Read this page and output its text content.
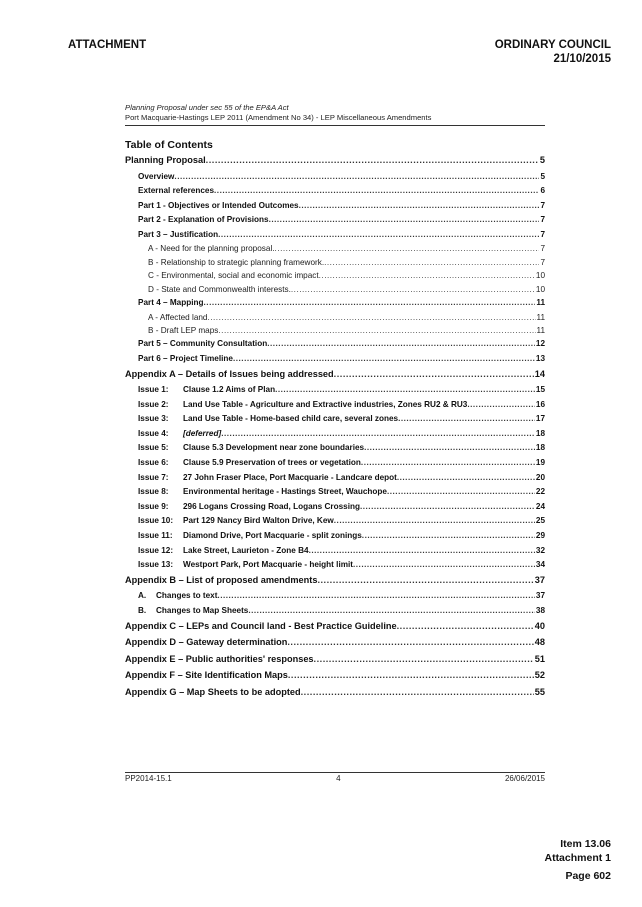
ATTACHMENT	ORDINARY COUNCIL
21/10/2015
Planning Proposal under sec 55 of the EP&A Act
Port Macquarie-Hastings LEP 2011 (Amendment No 34) - LEP Miscellaneous Amendments
Table of Contents
Planning Proposal .....	5
Overview .....	5
External references .....	6
Part 1 - Objectives or Intended Outcomes .....	7
Part 2 - Explanation of Provisions .....	7
Part 3 – Justification .....	7
A - Need for the planning proposal. .....	7
B - Relationship to strategic planning framework. .....	7
C - Environmental, social and economic impact .....	10
D - State and Commonwealth interests. .....	10
Part 4 – Mapping .....	11
A - Affected land .....	11
B - Draft LEP maps .....	11
Part 5 – Community Consultation .....	12
Part 6 – Project Timeline .....	13
Appendix A – Details of Issues being addressed .....	14
Issue 1: Clause 1.2 Aims of Plan .....	15
Issue 2: Land Use Table - Agriculture and Extractive industries, Zones RU2 & RU3 .....	16
Issue 3: Land Use Table - Home-based child care, several zones .....	17
Issue 4: [deferred] .....	18
Issue 5: Clause 5.3 Development near zone boundaries .....	18
Issue 6: Clause 5.9 Preservation of trees or vegetation .....	19
Issue 7: 27 John Fraser Place, Port Macquarie - Landcare depot .....	20
Issue 8: Environmental heritage - Hastings Street, Wauchope .....	22
Issue 9: 296 Logans Crossing Road, Logans Crossing .....	24
Issue 10: Part 129 Nancy Bird Walton Drive, Kew .....	25
Issue 11: Diamond Drive, Port Macquarie - split zonings .....	29
Issue 12: Lake Street, Laurieton - Zone B4 .....	32
Issue 13: Westport Park, Port Macquarie - height limit .....	34
Appendix B – List of proposed amendments .....	37
A. Changes to text .....	37
B. Changes to Map Sheets .....	38
Appendix C – LEPs and Council land - Best Practice Guideline .....	40
Appendix D – Gateway determination .....	48
Appendix E – Public authorities' responses .....	51
Appendix F – Site Identification Maps .....	52
Appendix G – Map Sheets to be adopted .....	55
PP2014-15.1	4	26/06/2015
Item 13.06
Attachment 1
Page 602
